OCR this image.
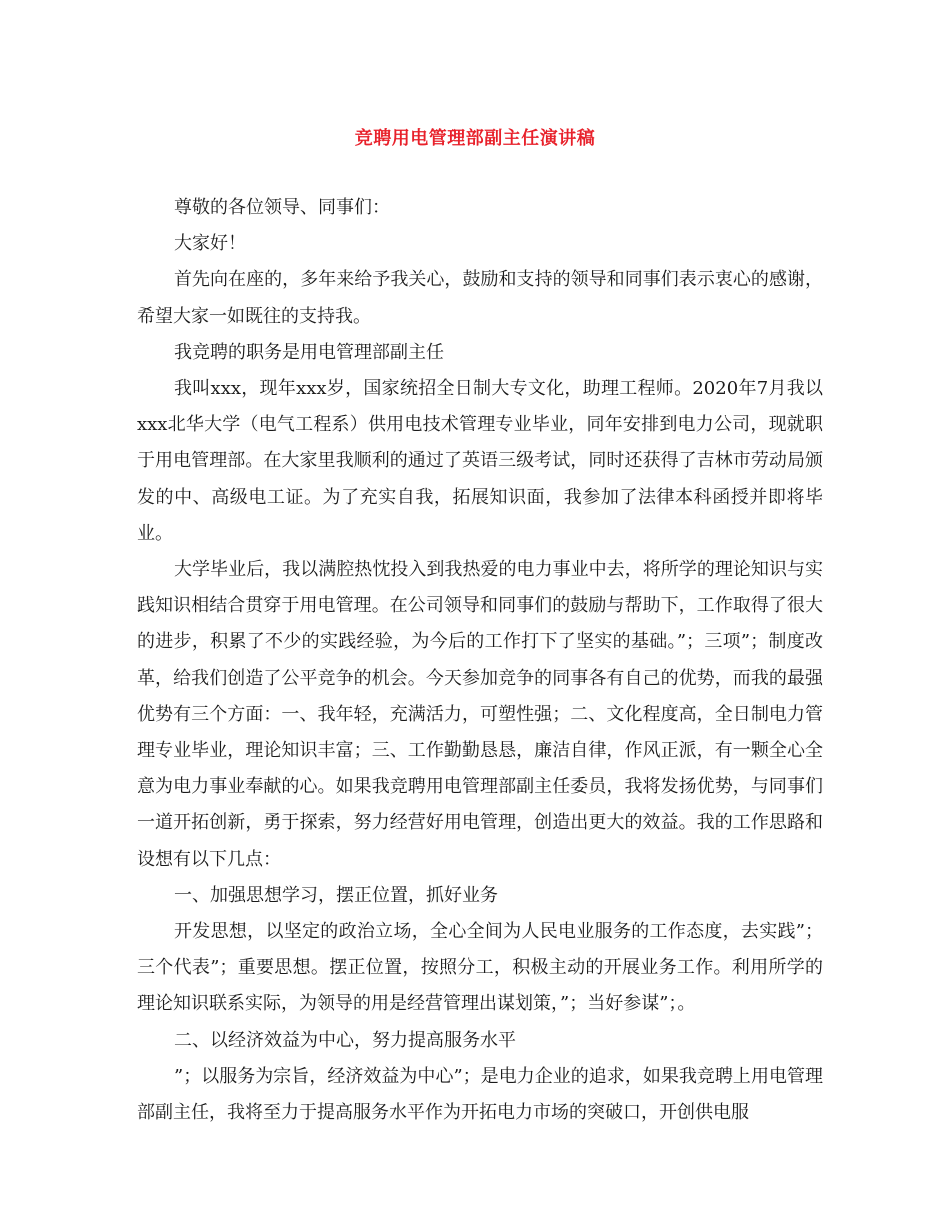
竞聘用电管理部副主任演讲稿

尊敬的各位领导、同事们：

大家好！

首先向在座的，多年来给予我关心，鼓励和支持的领导和同事们表示衷心的感谢，希望大家一如既往的支持我。

我竞聘的职务是用电管理部副主任

我叫xxx，现年xxx岁，国家统招全日制大专文化，助理工程师。2020年7月我以xxx北华大学（电气工程系）供用电技术管理专业毕业，同年安排到电力公司，现就职于用电管理部。在大家里我顺利的通过了英语三级考试，同时还获得了吉林市劳动局颁发的中、高级电工证。为了充实自我，拓展知识面，我参加了法律本科函授并即将毕业。

大学毕业后，我以满腔热忱投入到我热爱的电力事业中去，将所学的理论知识与实践知识相结合贯穿于用电管理。在公司领导和同事们的鼓励与帮助下，工作取得了很大的进步，积累了不少的实践经验，为今后的工作打下了坚实的基础。”；三项”；制度改革，给我们创造了公平竞争的机会。今天参加竞争的同事各有自己的优势，而我的最强优势有三个方面：一、我年轻，充满活力，可塑性强；二、文化程度高，全日制电力管理专业毕业，理论知识丰富；三、工作勤勤恳恳，廉洁自律，作风正派，有一颗全心全意为电力事业奉献的心。如果我竞聘用电管理部副主任委员，我将发扬优势，与同事们一道开拓创新，勇于探索，努力经营好用电管理，创造出更大的效益。我的工作思路和设想有以下几点：

一、加强思想学习，摆正位置，抓好业务

开发思想，以坚定的政治立场，全心全间为人民电业服务的工作态度，去实践”；三个代表”；重要思想。摆正位置，按照分工，积极主动的开展业务工作。利用所学的理论知识联系实际，为领导的用是经营管理出谋划策，”；当好参谋”；。

二、以经济效益为中心，努力提高服务水平

”；以服务为宗旨，经济效益为中心”；是电力企业的追求，如果我竞聘上用电管理部副主任，我将至力于提高服务水平作为开拓电力市场的突破口，开创供电服
